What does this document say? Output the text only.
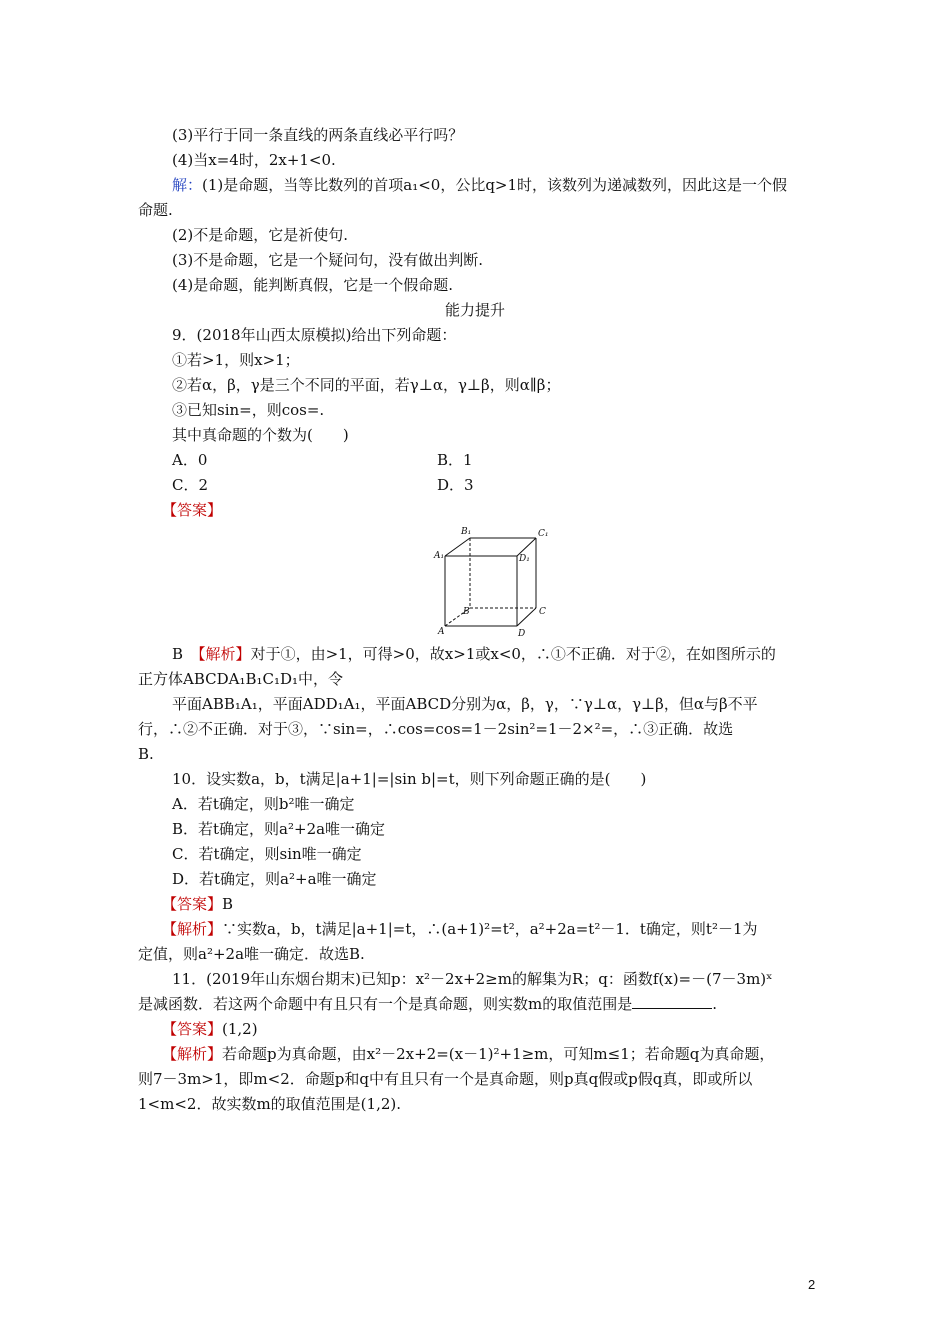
(3)平行于同一条直线的两条直线必平行吗？
(4)当x=4时，2x+1<0.
解：(1)是命题，当等比数列的首项a₁<0，公比q>1时，该数列为递减数列，因此这是一个假
命题.
(2)不是命题，它是祈使句.
(3)不是命题，它是一个疑问句，没有做出判断.
(4)是命题，能判断真假，它是一个假命题.
能力提升
9．(2018年山西太原模拟)给出下列命题：
①若>1，则x>1；
②若α，β，γ是三个不同的平面，若γ⊥α，γ⊥β，则α∥β；
③已知sin=，则cos=.
其中真命题的个数为(　　)
A．0	B．1
C．2	D．3
【答案】
B₁	C₁
A₁	D₁
B	C
A	D
B　 【解析】对于①，由>1，可得>0，故x>1或x<0，∴①不正确．对于②，在如图所示的
正方体ABCDA₁B₁C₁D₁中，令
平面ABB₁A₁，平面ADD₁A₁，平面ABCD分别为α，β，γ，∵γ⊥α，γ⊥β，但α与β不平
行，∴②不正确．对于③，∵sin=，∴cos=cos=1－2sin²=1－2×²=，∴③正确．故选
B.
10．设实数a，b，t满足|a+1|=|sin b|=t，则下列命题正确的是(　　)
A．若t确定，则b²唯一确定
B．若t确定，则a²+2a唯一确定
C．若t确定，则sin唯一确定
D．若t确定，则a²+a唯一确定
【答案】B
【解析】∵实数a，b，t满足|a+1|=t，∴(a+1)²=t²，a²+2a=t²－1．t确定，则t²－1为
定值，则a²+2a唯一确定．故选B.
11．(2019年山东烟台期末)已知p：x²－2x+2≥m的解集为R；q：函数f(x)=－(7－3m)ˣ
是减函数．若这两个命题中有且只有一个是真命题，则实数m的取值范围是	.
【答案】(1,2)
【解析】若命题p为真命题，由x²－2x+2=(x－1)²+1≥m，可知m≤1；若命题q为真命题，
则7－3m>1，即m<2．命题p和q中有且只有一个是真命题，则p真q假或p假q真，即或所以
1<m<2．故实数m的取值范围是(1,2).
2
